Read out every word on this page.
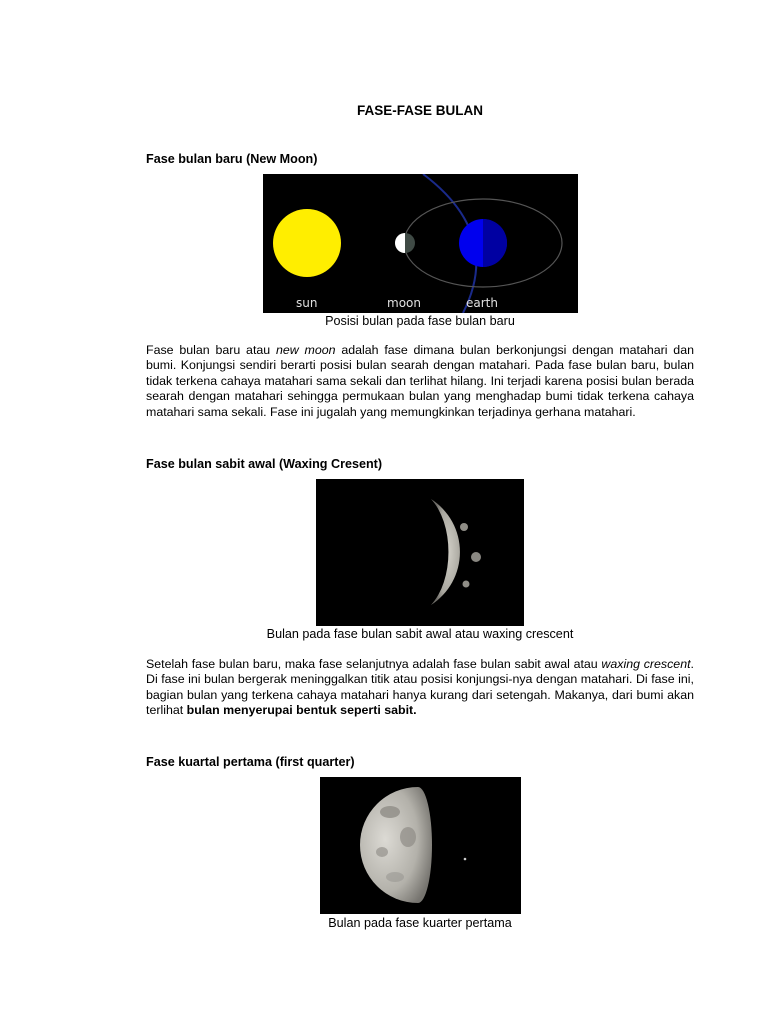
FASE-FASE BULAN
Fase bulan baru (New Moon)
sun	moon	earth
Posisi bulan pada fase bulan baru

Fase bulan baru atau new moon adalah fase dimana bulan berkonjungsi dengan matahari dan bumi. Konjungsi sendiri berarti posisi bulan searah dengan matahari. Pada fase bulan baru, bulan tidak terkena cahaya matahari sama sekali dan terlihat hilang. Ini terjadi karena posisi bulan berada searah dengan matahari sehingga permukaan bulan yang menghadap bumi tidak terkena cahaya matahari sama sekali. Fase ini jugalah yang memungkinkan terjadinya gerhana matahari.

Fase bulan sabit awal (Waxing Cresent)
Bulan pada fase bulan sabit awal atau waxing crescent

Setelah fase bulan baru, maka fase selanjutnya adalah fase bulan sabit awal atau waxing crescent. Di fase ini bulan bergerak meninggalkan titik atau posisi konjungsi-nya dengan matahari. Di fase ini, bagian bulan yang terkena cahaya matahari hanya kurang dari setengah. Makanya, dari bumi akan terlihat bulan menyerupai bentuk seperti sabit.

Fase kuartal pertama (first quarter)
Bulan pada fase kuarter pertama
